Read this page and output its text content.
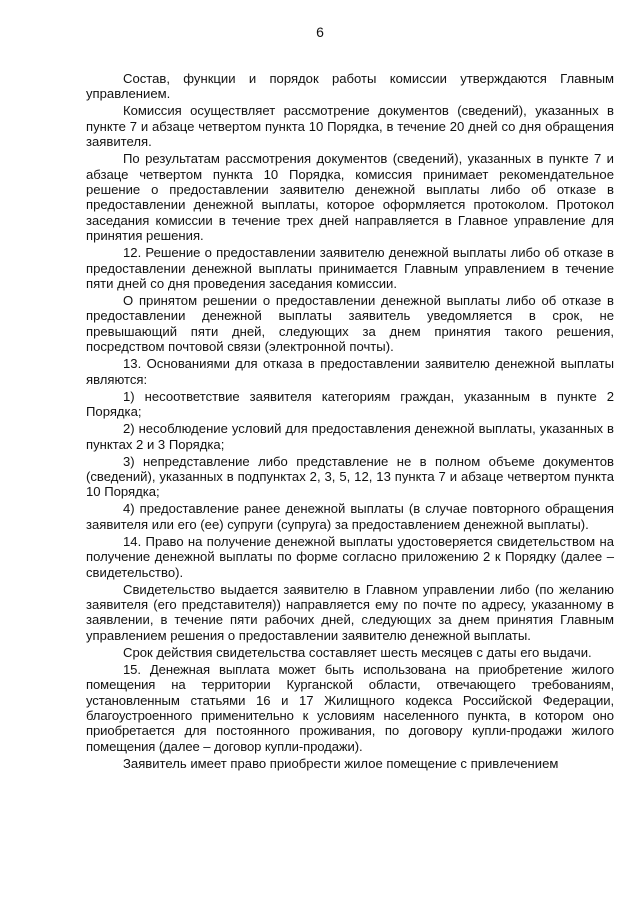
6

Состав, функции и порядок работы комиссии утверждаются Главным управлением.

Комиссия осуществляет рассмотрение документов (сведений), указанных в пункте 7 и абзаце четвертом пункта 10 Порядка, в течение 20 дней со дня обращения заявителя.

По результатам рассмотрения документов (сведений), указанных в пункте 7 и абзаце четвертом пункта 10 Порядка, комиссия принимает рекомендательное решение о предоставлении заявителю денежной выплаты либо об отказе в предоставлении денежной выплаты, которое оформляется протоколом. Протокол заседания комиссии в течение трех дней направляется в Главное управление для принятия решения.

12. Решение о предоставлении заявителю денежной выплаты либо об отказе в предоставлении денежной выплаты принимается Главным управлением в течение пяти дней со дня проведения заседания комиссии.

О принятом решении о предоставлении денежной выплаты либо об отказе в предоставлении денежной выплаты заявитель уведомляется в срок, не превышающий пяти дней, следующих за днем принятия такого решения, посредством почтовой связи (электронной почты).

13. Основаниями для отказа в предоставлении заявителю денежной выплаты являются:

1) несоответствие заявителя категориям граждан, указанным в пункте 2 Порядка;

2) несоблюдение условий для предоставления денежной выплаты, указанных в пунктах 2 и 3 Порядка;

3) непредставление либо представление не в полном объеме документов (сведений), указанных в подпунктах 2, 3, 5, 12, 13 пункта 7 и абзаце четвертом пункта 10 Порядка;

4) предоставление ранее денежной выплаты (в случае повторного обращения заявителя или его (ее) супруги (супруга) за предоставлением денежной выплаты).

14. Право на получение денежной выплаты удостоверяется свидетельством на получение денежной выплаты по форме согласно приложению 2 к Порядку (далее – свидетельство).

Свидетельство выдается заявителю в Главном управлении либо (по желанию заявителя (его представителя)) направляется ему по почте по адресу, указанному в заявлении, в течение пяти рабочих дней, следующих за днем принятия Главным управлением решения о предоставлении заявителю денежной выплаты.

Срок действия свидетельства составляет шесть месяцев с даты его выдачи.

15. Денежная выплата может быть использована на приобретение жилого помещения на территории Курганской области, отвечающего требованиям, установленным статьями 16 и 17 Жилищного кодекса Российской Федерации, благоустроенного применительно к условиям населенного пункта, в котором оно приобретается для постоянного проживания, по договору купли-продажи жилого помещения (далее – договор купли-продажи).

Заявитель имеет право приобрести жилое помещение с привлечением
